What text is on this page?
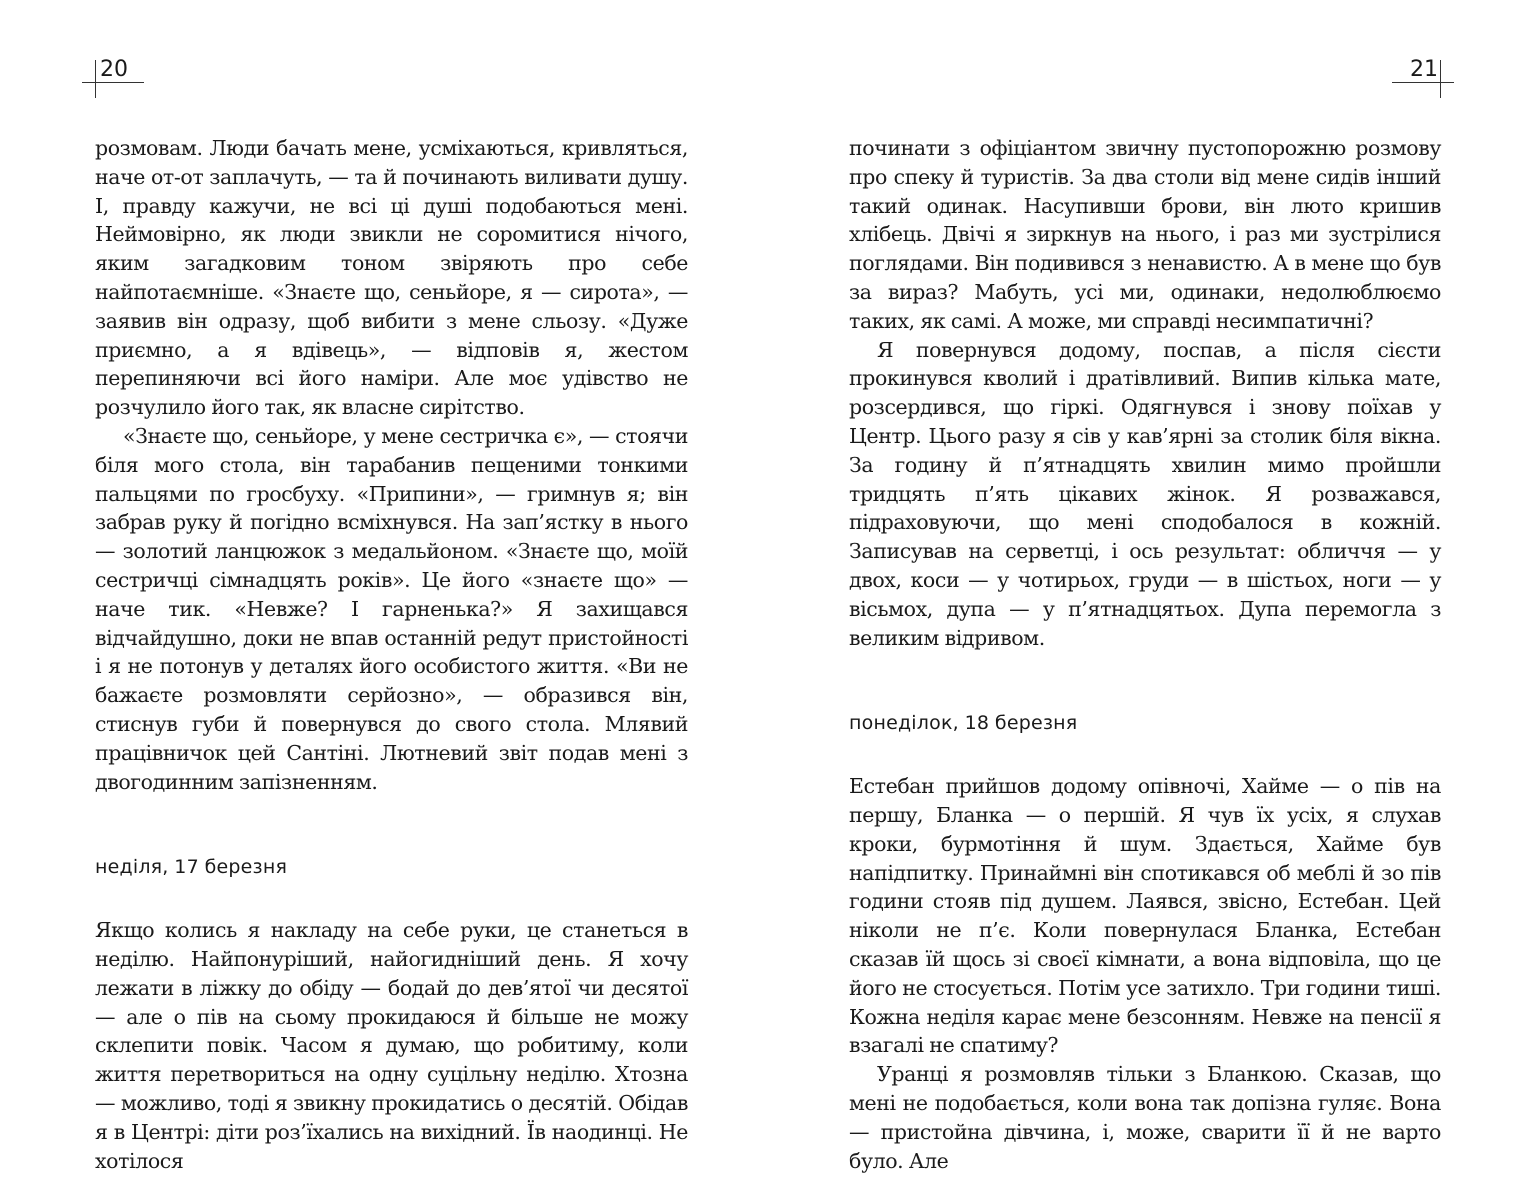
20	21

розмовам. Люди бачать мене, усміхаються, кривляться, наче от-от заплачуть, — та й починають виливати душу. І, правду кажучи, не всі ці душі подобаються мені. Неймовірно, як люди звикли не соромитися нічого, яким загадковим тоном звіряють про себе найпотаємніше. «Знаєте що, сеньйоре, я — сирота», — заявив він одразу, щоб вибити з мене сльозу. «Дуже приємно, а я вдівець», — відповів я, жестом перепиняючи всі його наміри. Але моє удівство не розчулило його так, як власне сирітство.

«Знаєте що, сеньйоре, у мене сестричка є», — стоячи біля мого стола, він тарабанив пещеними тонкими пальцями по гросбуху. «Припини», — гримнув я; він забрав руку й погідно всміхнувся. На зап’ястку в нього — золотий ланцюжок з медальйоном. «Знаєте що, моїй сестричці сімнадцять років». Це його «знаєте що» — наче тик. «Невже? І гарненька?» Я захищався відчайдушно, доки не впав останній редут пристойності і я не потонув у деталях його особистого життя. «Ви не бажаєте розмовляти серйозно», — образився він, стиснув губи й повернувся до свого стола. Млявий працівничок цей Сантіні. Лютневий звіт подав мені з двогодинним запізненням.

неділя, 17 березня

Якщо колись я накладу на себе руки, це станеться в неділю. Найпонуріший, найогидніший день. Я хочу лежати в ліжку до обіду — бодай до дев’ятої чи десятої — але о пів на сьому прокидаюся й більше не можу склепити повік. Часом я думаю, що робитиму, коли життя перетвориться на одну суцільну неділю. Хтозна — можливо, тоді я звикну прокидатись о десятій. Обідав я в Центрі: діти роз’їхались на вихідний. Їв наодинці. Не хотілося

починати з офіціантом звичну пустопорожню розмову про спеку й туристів. За два столи від мене сидів інший такий одинак. Насупивши брови, він люто кришив хлібець. Двічі я зиркнув на нього, і раз ми зустрілися поглядами. Він подивився з ненавистю. А в мене що був за вираз? Мабуть, усі ми, одинаки, недолюблюємо таких, як самі. А може, ми справді несимпатичні?

Я повернувся додому, поспав, а після сієсти прокинувся кволий і дратівливий. Випив кілька мате, розсердився, що гіркі. Одягнувся і знову поїхав у Центр. Цього разу я сів у кав’ярні за столик біля вікна. За годину й п’ятнадцять хвилин мимо пройшли тридцять п’ять цікавих жінок. Я розважався, підраховуючи, що мені сподобалося в кожній. Записував на серветці, і ось результат: обличчя — у двох, коси — у чотирьох, груди — в шістьох, ноги — у вісьмох, дупа — у п’ятнадцятьох. Дупа перемогла з великим відривом.

понеділок, 18 березня

Естебан прийшов додому опівночі, Хайме — о пів на першу, Бланка — о першій. Я чув їх усіх, я слухав кроки, бурмотіння й шум. Здається, Хайме був напідпитку. Принаймні він спотикався об меблі й зо пів години стояв під душем. Лаявся, звісно, Естебан. Цей ніколи не п’є. Коли повернулася Бланка, Естебан сказав їй щось зі своєї кімнати, а вона відповіла, що це його не стосується. Потім усе затихло. Три години тиші. Кожна неділя карає мене безсонням. Невже на пенсії я взагалі не спатиму?

Уранці я розмовляв тільки з Бланкою. Сказав, що мені не подобається, коли вона так допізна гуляє. Вона — пристойна дівчина, і, може, сварити її й не варто було. Але
